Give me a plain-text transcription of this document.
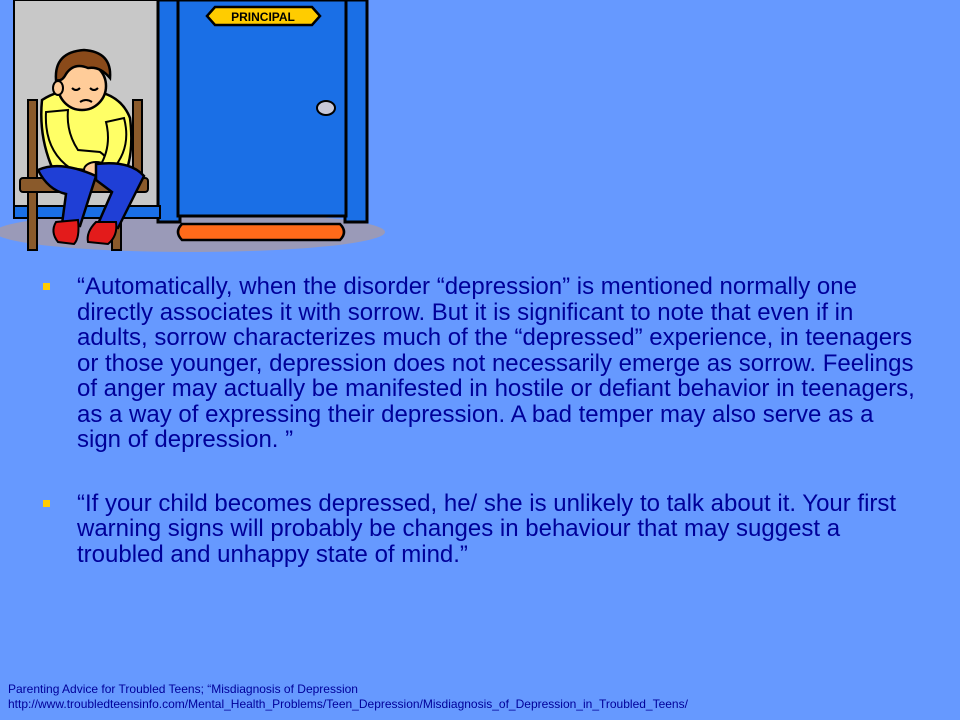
PRINCIPAL
“Automatically, when the disorder “depression” is mentioned normally one directly associates it with sorrow. But it is significant to note that even if in adults, sorrow characterizes much of the “depressed” experience, in teenagers or those younger, depression does not necessarily emerge as sorrow. Feelings of anger may actually be manifested in hostile or defiant behavior in teenagers, as a way of expressing their depression. A bad temper may also serve as a sign of depression. ”
“If your child becomes depressed, he/ she is unlikely to talk about it. Your first warning signs will probably be changes in behaviour that may suggest a troubled and unhappy state of mind.”
Parenting Advice for Troubled Teens; “Misdiagnosis of Depression
http://www.troubledteensinfo.com/Mental_Health_Problems/Teen_Depression/Misdiagnosis_of_Depression_in_Troubled_Teens/
